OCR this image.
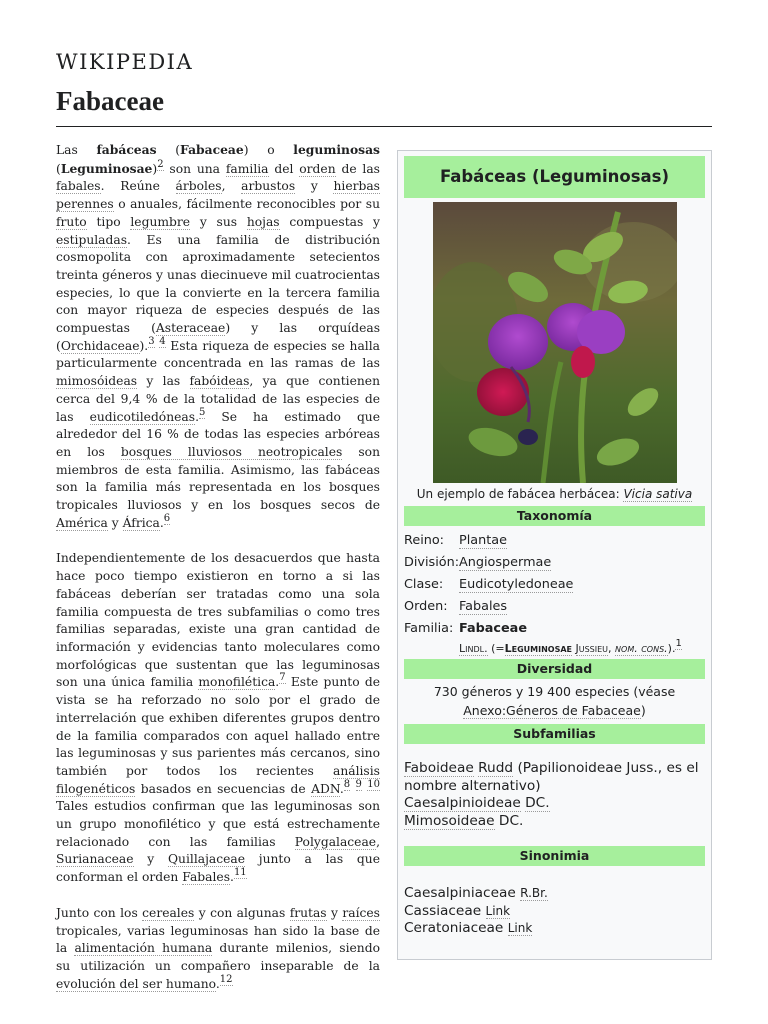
WIKIPEDIA
Fabaceae

Las fabáceas (Fabaceae) o leguminosas (Leguminosae)$^2$ son una familia del orden de las fabales. Reúne árboles, arbustos y hierbas perennes o anuales, fácilmente reconocibles por su fruto tipo legumbre y sus hojas compuestas y estipuladas. Es una familia de distribución cosmopolita con aproximadamente setecientos treinta géneros y unas diecinueve mil cuatrocientas especies, lo que la convierte en la tercera familia con mayor riqueza de especies después de las compuestas (Asteraceae) y las orquídeas (Orchidaceae).$^3$ $^4$ Esta riqueza de especies se halla particularmente concentrada en las ramas de las mimosóideas y las fabóideas, ya que contienen cerca del 9,4 % de la totalidad de las especies de las eudicotiledóneas.$^5$ Se ha estimado que alrededor del 16 % de todas las especies arbóreas en los bosques lluviosos neotropicales son miembros de esta familia. Asimismo, las fabáceas son la familia más representada en los bosques tropicales lluviosos y en los bosques secos de América y África.$^6$

Independientemente de los desacuerdos que hasta hace poco tiempo existieron en torno a si las fabáceas deberían ser tratadas como una sola familia compuesta de tres subfamilias o como tres familias separadas, existe una gran cantidad de información y evidencias tanto moleculares como morfológicas que sustentan que las leguminosas son una única familia monofilética.$^7$ Este punto de vista se ha reforzado no solo por el grado de interrelación que exhiben diferentes grupos dentro de la familia comparados con aquel hallado entre las leguminosas y sus parientes más cercanos, sino también por todos los recientes análisis filogenéticos basados en secuencias de ADN.$^8$ $^9$ $^{10}$ Tales estudios confirman que las leguminosas son un grupo monofilético y que está estrechamente relacionado con las familias Polygalaceae, Surianaceae y Quillajaceae junto a las que conforman el orden Fabales.$^{11}$

Junto con los cereales y con algunas frutas y raíces tropicales, varias leguminosas han sido la base de la alimentación humana durante milenios, siendo su utilización un compañero inseparable de la evolución del ser humano.$^{12}$

Fabáceas (Leguminosas)
Un ejemplo de fabácea herbácea: Vicia sativa
Taxonomía
Reino:	Plantae
División: Angiospermae
Clase:	Eudicotyledoneae
Orden: Fabales
Familia: Fabaceae

Lindl. (=Leguminosae Jussieu, nom. cons.).$^1$
Diversidad
730 géneros y 19 400 especies (véase
Anexo:Géneros de Fabaceae)
Subfamilias
Faboideae Rudd (Papilionoideae Juss., es el nombre alternativo)
Caesalpinioideae DC.
Mimosoideae DC.
Sinonimia
Caesalpiniaceae R.Br.
Cassiaceae Link
Ceratoniaceae Link
